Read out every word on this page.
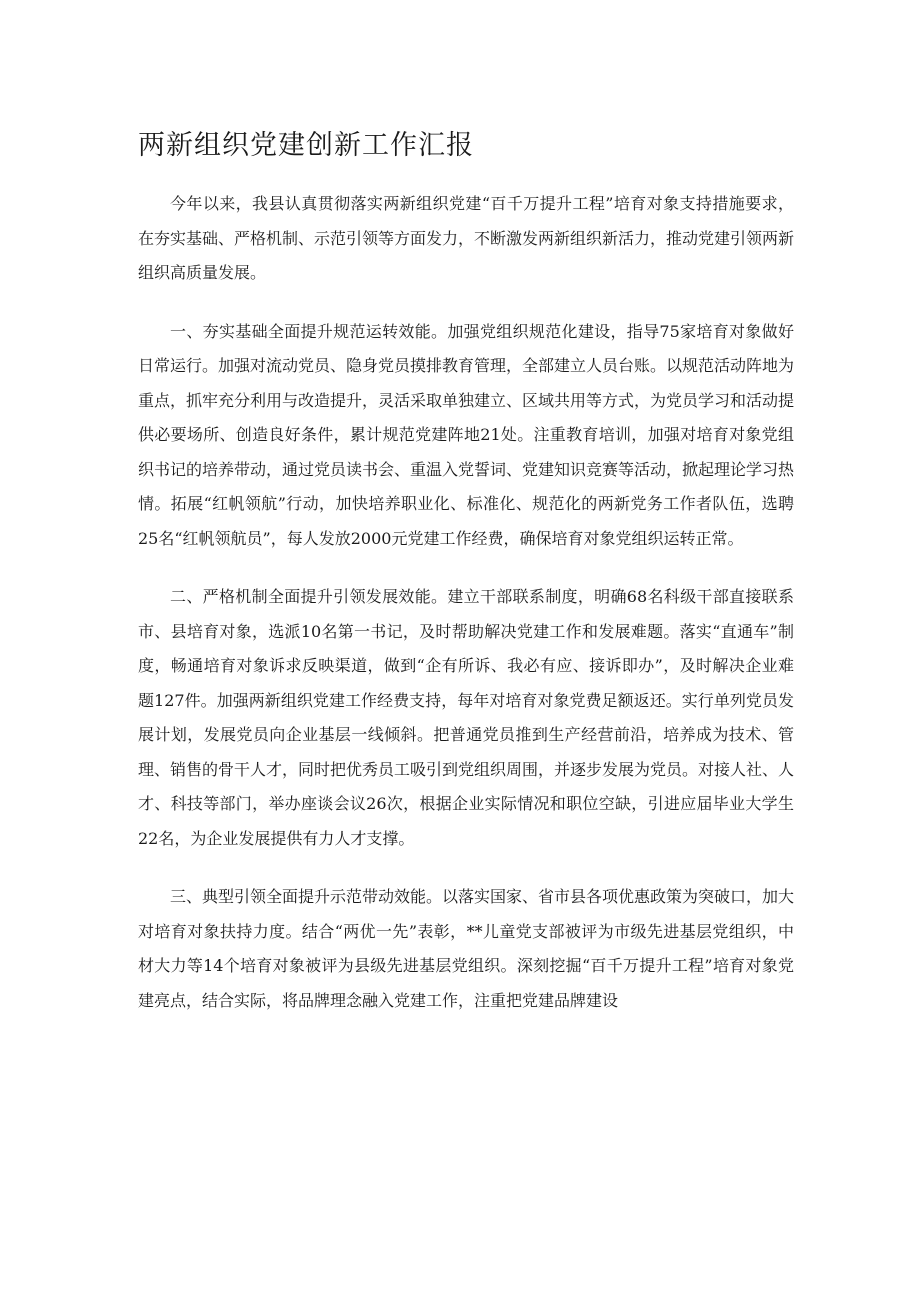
两新组织党建创新工作汇报

今年以来，我县认真贯彻落实两新组织党建“百千万提升工程”培育对象支持措施要求，在夯实基础、严格机制、示范引领等方面发力，不断激发两新组织新活力，推动党建引领两新组织高质量发展。

一、夯实基础全面提升规范运转效能。加强党组织规范化建设，指导75家培育对象做好日常运行。加强对流动党员、隐身党员摸排教育管理，全部建立人员台账。以规范活动阵地为重点，抓牢充分利用与改造提升，灵活采取单独建立、区域共用等方式，为党员学习和活动提供必要场所、创造良好条件，累计规范党建阵地21处。注重教育培训，加强对培育对象党组织书记的培养带动，通过党员读书会、重温入党誓词、党建知识竞赛等活动，掀起理论学习热情。拓展“红帆领航”行动，加快培养职业化、标准化、规范化的两新党务工作者队伍，选聘25名“红帆领航员”，每人发放2000元党建工作经费，确保培育对象党组织运转正常。

二、严格机制全面提升引领发展效能。建立干部联系制度，明确68名科级干部直接联系市、县培育对象，选派10名第一书记，及时帮助解决党建工作和发展难题。落实“直通车”制度，畅通培育对象诉求反映渠道，做到“企有所诉、我必有应、接诉即办”，及时解决企业难题127件。加强两新组织党建工作经费支持，每年对培育对象党费足额返还。实行单列党员发展计划，发展党员向企业基层一线倾斜。把普通党员推到生产经营前沿，培养成为技术、管理、销售的骨干人才，同时把优秀员工吸引到党组织周围，并逐步发展为党员。对接人社、人才、科技等部门，举办座谈会议26次，根据企业实际情况和职位空缺，引进应届毕业大学生22名，为企业发展提供有力人才支撑。

三、典型引领全面提升示范带动效能。以落实国家、省市县各项优惠政策为突破口，加大对培育对象扶持力度。结合“两优一先”表彰，**儿童党支部被评为市级先进基层党组织，中材大力等14个培育对象被评为县级先进基层党组织。深刻挖掘“百千万提升工程”培育对象党建亮点，结合实际，将品牌理念融入党建工作，注重把党建品牌建设
